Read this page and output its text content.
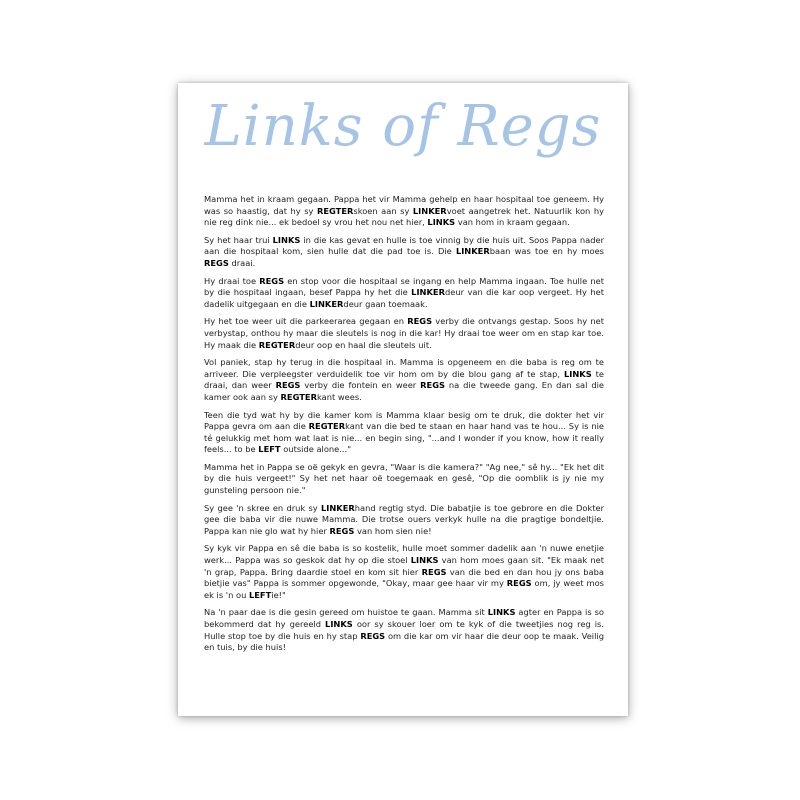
Links of Regs

Mamma het in kraam gegaan. Pappa het vir Mamma gehelp en haar hospitaal toe geneem. Hy was so haastig, dat hy sy REGTERskoen aan sy LINKERvoet aangetrek het. Natuurlik kon hy nie reg dink nie... ek bedoel sy vrou het nou net hier, LINKS van hom in kraam gegaan.

Sy het haar trui LINKS in die kas gevat en hulle is toe vinnig by die huis uit. Soos Pappa nader aan die hospitaal kom, sien hulle dat die pad toe is. Die LINKERbaan was toe en hy moes REGS draai.

Hy draai toe REGS en stop voor die hospitaal se ingang en help Mamma ingaan. Toe hulle net by die hospitaal ingaan, besef Pappa hy het die LINKERdeur van die kar oop vergeet. Hy het dadelik uitgegaan en die LINKERdeur gaan toemaak.

Hy het toe weer uit die parkeerarea gegaan en REGS verby die ontvangs gestap. Soos hy net verbystap, onthou hy maar die sleutels is nog in die kar! Hy draai toe weer om en stap kar toe. Hy maak die REGTERdeur oop en haal die sleutels uit.

Vol paniek, stap hy terug in die hospitaal in. Mamma is opgeneem en die baba is reg om te arriveer. Die verpleegster verduidelik toe vir hom om by die blou gang af te stap, LINKS te draai, dan weer REGS verby die fontein en weer REGS na die tweede gang. En dan sal die kamer ook aan sy REGTERkant wees.

Teen die tyd wat hy by die kamer kom is Mamma klaar besig om te druk, die dokter het vir Pappa gevra om aan die REGTERkant van die bed te staan en haar hand vas te hou... Sy is nie té gelukkig met hom wat laat is nie... en begin sing, "...and I wonder if you know, how it really feels... to be LEFT outside alone..."

Mamma het in Pappa se oë gekyk en gevra, "Waar is die kamera?" "Ag nee," sê hy... "Ek het dit by die huis vergeet!" Sy het net haar oë toegemaak en gesê, "Op die oomblik is jy nie my gunsteling persoon nie."

Sy gee 'n skree en druk sy LINKERhand regtig styd. Die babatjie is toe gebrore en die Dokter gee die baba vir die nuwe Mamma. Die trotse ouers verkyk hulle na die pragtige bondeltjie. Pappa kan nie glo wat hy hier REGS van hom sien nie!

Sy kyk vir Pappa en sê die baba is so kostelik, hulle moet sommer dadelik aan 'n nuwe enetjie werk... Pappa was so geskok dat hy op die stoel LINKS van hom moes gaan sit. "Ek maak net 'n grap, Pappa. Bring daardie stoel en kom sit hier REGS van die bed en dan hou jy ons baba bietjie vas" Pappa is sommer opgewonde, "Okay, maar gee haar vir my REGS om, jy weet mos ek is 'n ou LEFTie!"

Na 'n paar dae is die gesin gereed om huistoe te gaan. Mamma sit LINKS agter en Pappa is so bekommerd dat hy gereeld LINKS oor sy skouer loer om te kyk of die tweetjies nog reg is. Hulle stop toe by die huis en hy stap REGS om die kar om vir haar die deur oop te maak. Veilig en tuis, by die huis!
